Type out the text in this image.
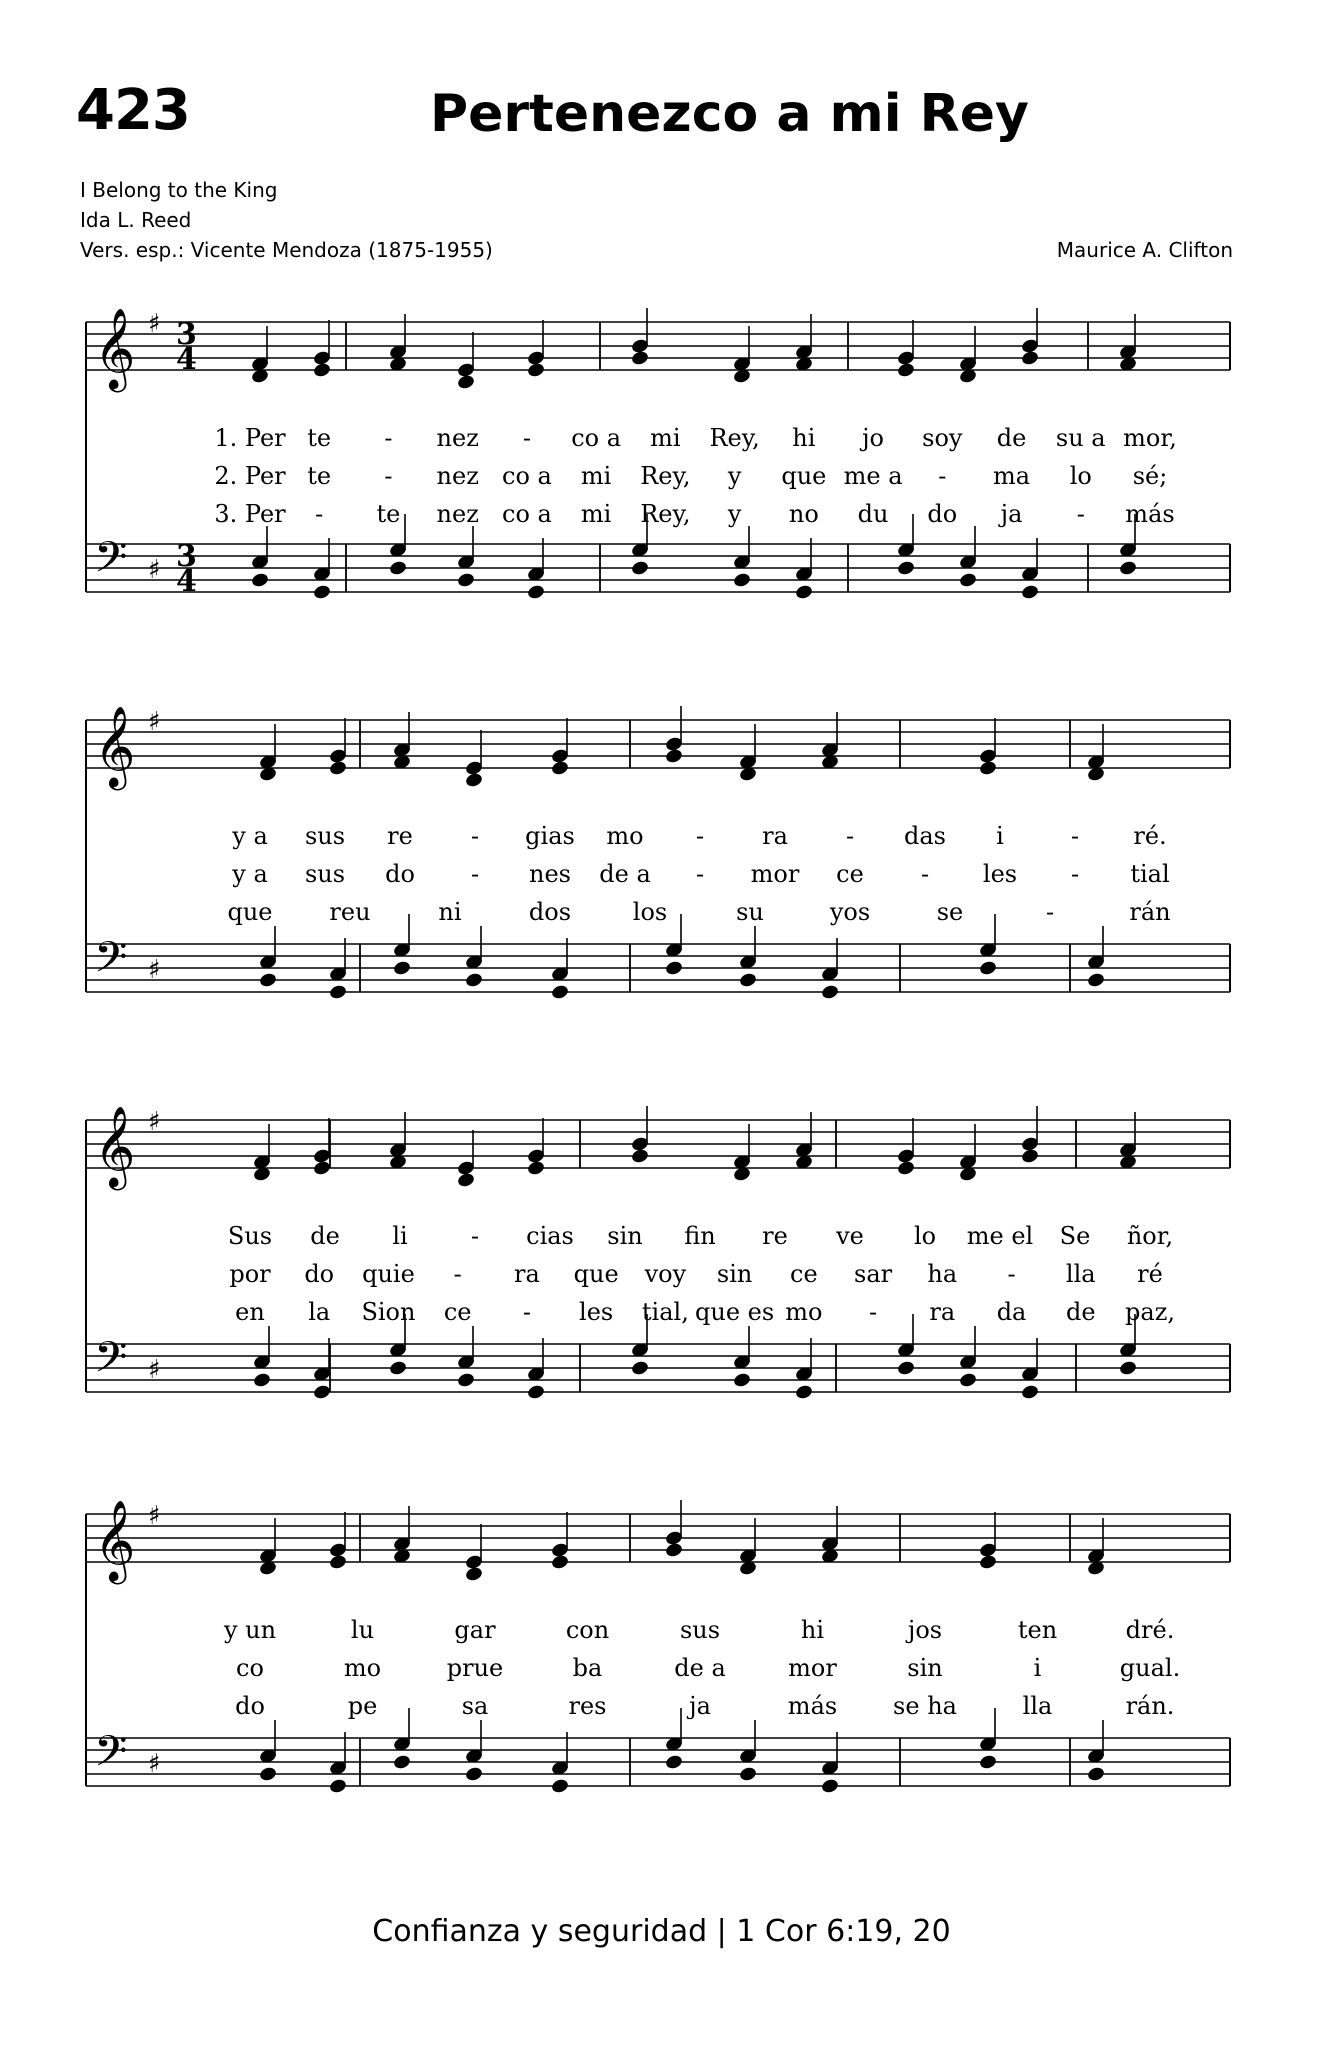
423	Pertenezco a mi Rey
I Belong to the King
Ida L. Reed
Vers. esp.: Vicente Mendoza (1875-1955)	Maurice A. Clifton
𝄞
𝄢
♯
♯
3
4
3
4
1. Per te - nez - co a mi Rey, hi jo soy de su a mor,
2. Per te - nez co a mi Rey, y que me a - ma lo sé;
3. Per - te nez co a mi Rey, y no du do ja - más
𝄞
𝄢
♯
♯
y a sus re - gias mo - ra - das i	- ré.
y a sus do - nes de a - mor ce - les - tial
que reu	ni	dos	los	su	yos	se	-	rán
𝄞
𝄢
♯
♯
Sus de li	- cias sin fin re ve lo me el Se ñor,
por do quie - ra que voy sin ce sar ha - lla ré
en la Sion ce - les tial, que es mo - ra da de paz,
𝄞
𝄢
♯
♯
y un	lu	gar	con	sus	hi	jos	ten	dré.
co	mo	prue	ba	de a	mor	sin	i	gual.
do	pe	sa	res	ja	más se ha	lla	rán.
Confianza y seguridad | 1 Cor 6:19, 20
